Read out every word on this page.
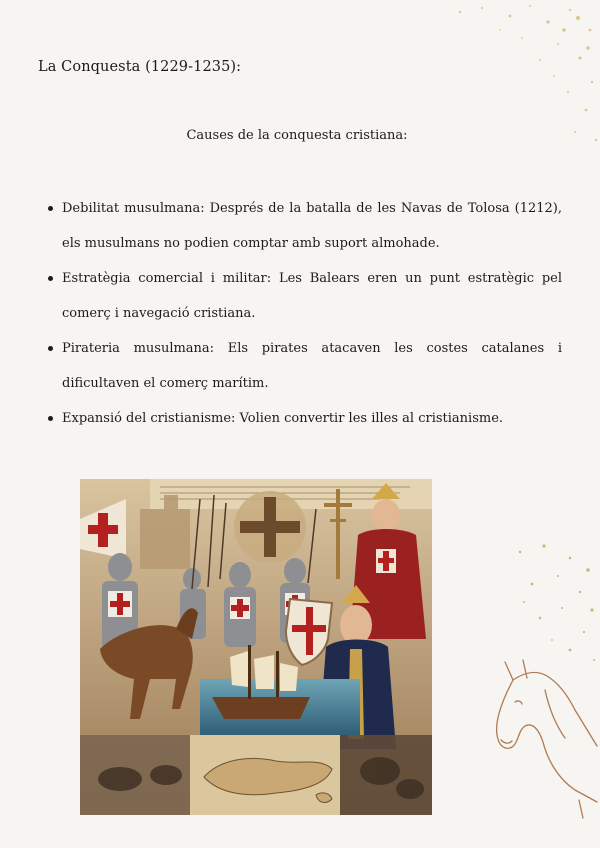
La Conquesta (1229-1235):
Causes de la conquesta cristiana:
Debilitat musulmana: Després de la batalla de les Navas de Tolosa (1212), els musulmans no podien comptar amb suport almohade.
Estratègia comercial i militar: Les Balears eren un punt estratègic pel comerç i navegació cristiana.
Pirateria musulmana: Els pirates atacaven les costes catalanes i dificultaven el comerç marítim.
Expansió del cristianisme: Volien convertir les illes al cristianisme.
